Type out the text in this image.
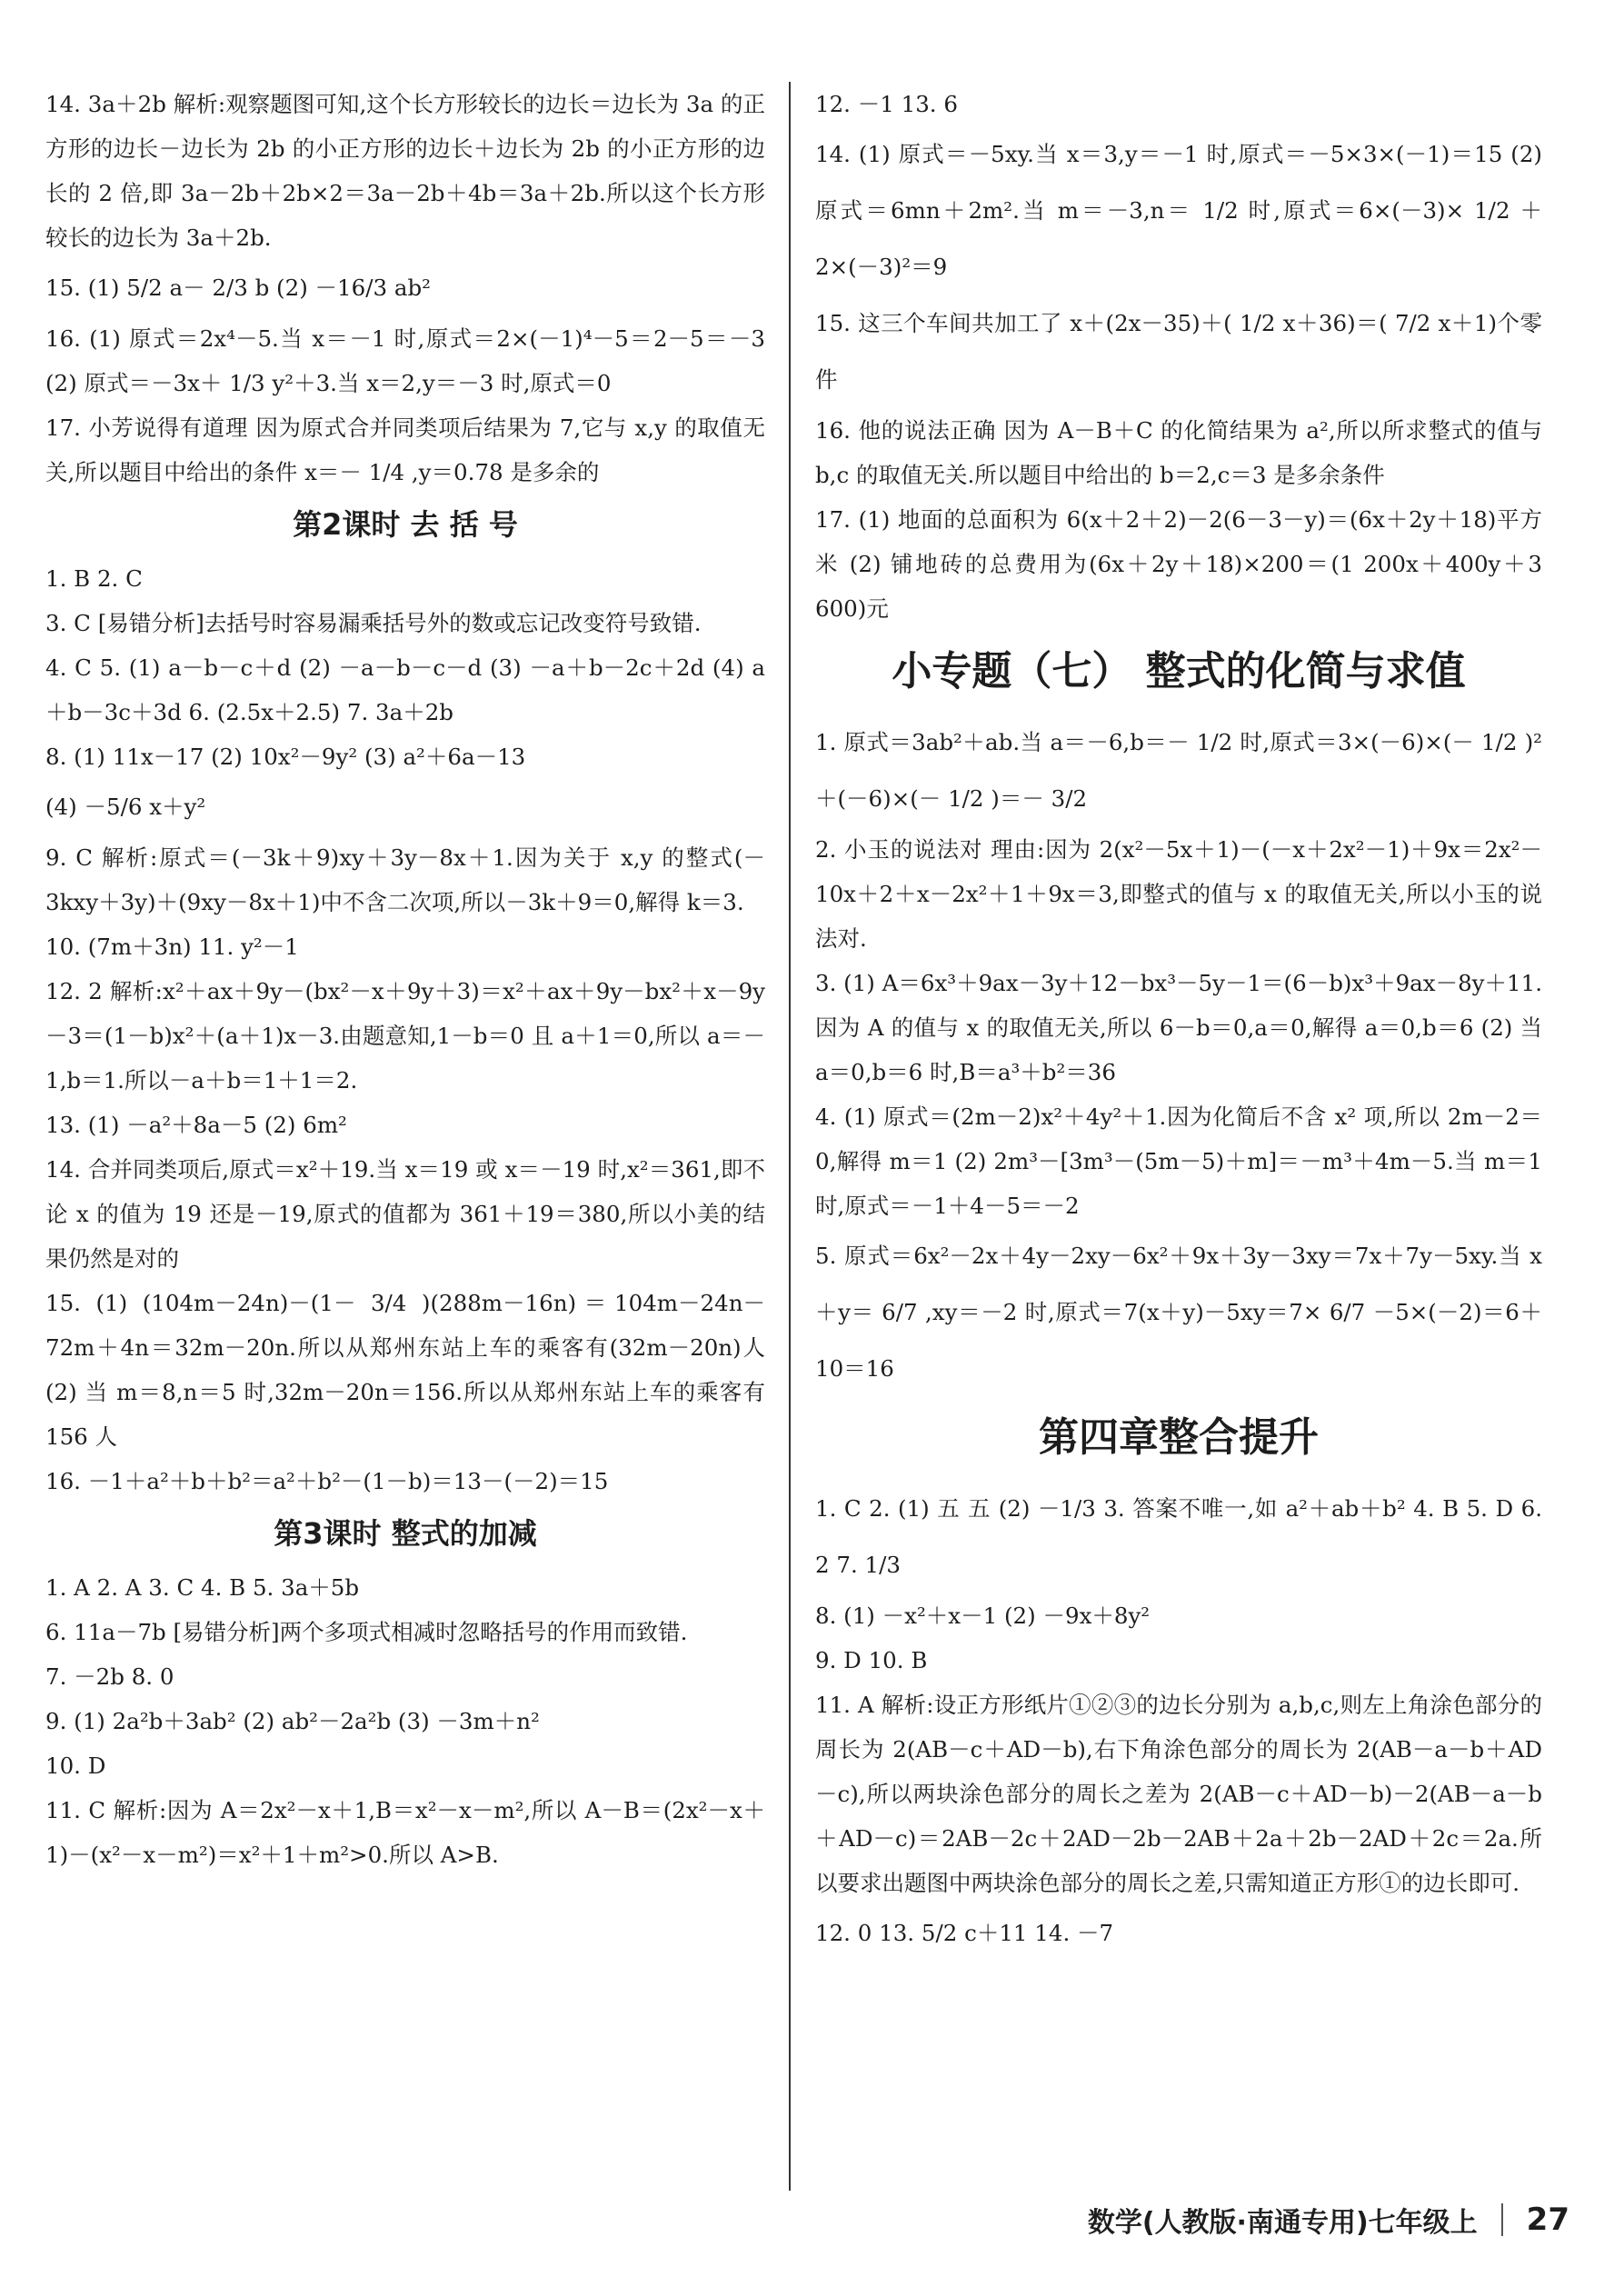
14. 3a＋2b 解析:观察题图可知,这个长方形较长的边长＝边长为 3a 的正方形的边长－边长为 2b 的小正方形的边长＋边长为 2b 的小正方形的边长的 2 倍,即 3a－2b＋2b×2＝3a－2b＋4b＝3a＋2b.所以这个长方形较长的边长为 3a＋2b.

15. (1) 5/2 a－ 2/3 b (2) －16/3 ab²

16. (1) 原式＝2x⁴－5.当 x＝－1 时,原式＝2×(－1)⁴－5＝2－5＝－3 (2) 原式＝－3x＋ 1/3 y²＋3.当 x＝2,y＝－3 时,原式＝0

17. 小芳说得有道理 因为原式合并同类项后结果为 7,它与 x,y 的取值无关,所以题目中给出的条件 x＝－ 1/4 ,y＝0.78 是多余的

第2课时 去 括 号

1. B 2. C

3. C [易错分析]去括号时容易漏乘括号外的数或忘记改变符号致错.

4. C 5. (1) a－b－c＋d (2) －a－b－c－d (3) －a＋b－2c＋2d (4) a＋b－3c＋3d 6. (2.5x＋2.5) 7. 3a＋2b

8. (1) 11x－17 (2) 10x²－9y² (3) a²＋6a－13

(4) －5/6 x＋y²

9. C 解析:原式＝(－3k＋9)xy＋3y－8x＋1.因为关于 x,y 的整式(－3kxy＋3y)＋(9xy－8x＋1)中不含二次项,所以－3k＋9＝0,解得 k＝3.

10. (7m＋3n) 11. y²－1

12. 2 解析:x²＋ax＋9y－(bx²－x＋9y＋3)＝x²＋ax＋9y－bx²＋x－9y－3＝(1－b)x²＋(a＋1)x－3.由题意知,1－b＝0 且 a＋1＝0,所以 a＝－1,b＝1.所以－a＋b＝1＋1＝2.

13. (1) －a²＋8a－5 (2) 6m²

14. 合并同类项后,原式＝x²＋19.当 x＝19 或 x＝－19 时,x²＝361,即不论 x 的值为 19 还是－19,原式的值都为 361＋19＝380,所以小美的结果仍然是对的

15. (1) (104m－24n)－(1－ 3/4 )(288m－16n)＝104m－24n－72m＋4n＝32m－20n.所以从郑州东站上车的乘客有(32m－20n)人 (2) 当 m＝8,n＝5 时,32m－20n＝156.所以从郑州东站上车的乘客有 156 人

16. －1＋a²＋b＋b²＝a²＋b²－(1－b)＝13－(－2)＝15

第3课时 整式的加减

1. A 2. A 3. C 4. B 5. 3a＋5b

6. 11a－7b [易错分析]两个多项式相减时忽略括号的作用而致错.

7. －2b 8. 0

9. (1) 2a²b＋3ab² (2) ab²－2a²b (3) －3m＋n²

10. D

11. C 解析:因为 A＝2x²－x＋1,B＝x²－x－m²,所以 A－B＝(2x²－x＋1)－(x²－x－m²)＝x²＋1＋m²>0.所以 A>B.

12. －1 13. 6

14. (1) 原式＝－5xy.当 x＝3,y＝－1 时,原式＝－5×3×(－1)＝15 (2) 原式＝6mn＋2m².当 m＝－3,n＝ 1/2 时,原式＝6×(－3)× 1/2 ＋2×(－3)²＝9

15. 这三个车间共加工了 x＋(2x－35)＋( 1/2 x＋36)＝( 7/2 x＋1)个零件

16. 他的说法正确 因为 A－B＋C 的化简结果为 a²,所以所求整式的值与 b,c 的取值无关.所以题目中给出的 b＝2,c＝3 是多余条件

17. (1) 地面的总面积为 6(x＋2＋2)－2(6－3－y)＝(6x＋2y＋18)平方米 (2) 铺地砖的总费用为(6x＋2y＋18)×200＝(1 200x＋400y＋3 600)元

小专题（七） 整式的化简与求值

1. 原式＝3ab²＋ab.当 a＝－6,b＝－ 1/2 时,原式＝3×(－6)×(－ 1/2 )²＋(－6)×(－ 1/2 )＝－ 3/2

2. 小玉的说法对 理由:因为 2(x²－5x＋1)－(－x＋2x²－1)＋9x＝2x²－10x＋2＋x－2x²＋1＋9x＝3,即整式的值与 x 的取值无关,所以小玉的说法对.

3. (1) A＝6x³＋9ax－3y＋12－bx³－5y－1＝(6－b)x³＋9ax－8y＋11.因为 A 的值与 x 的取值无关,所以 6－b＝0,a＝0,解得 a＝0,b＝6 (2) 当 a＝0,b＝6 时,B＝a³＋b²＝36

4. (1) 原式＝(2m－2)x²＋4y²＋1.因为化简后不含 x² 项,所以 2m－2＝0,解得 m＝1 (2) 2m³－[3m³－(5m－5)＋m]＝－m³＋4m－5.当 m＝1 时,原式＝－1＋4－5＝－2

5. 原式＝6x²－2x＋4y－2xy－6x²＋9x＋3y－3xy＝7x＋7y－5xy.当 x＋y＝ 6/7 ,xy＝－2 时,原式＝7(x＋y)－5xy＝7× 6/7 －5×(－2)＝6＋10＝16

第四章整合提升

1. C 2. (1) 五 五 (2) －1/3 3. 答案不唯一,如 a²＋ab＋b² 4. B 5. D 6. 2 7. 1/3

8. (1) －x²＋x－1 (2) －9x＋8y²

9. D 10. B

11. A 解析:设正方形纸片①②③的边长分别为 a,b,c,则左上角涂色部分的周长为 2(AB－c＋AD－b),右下角涂色部分的周长为 2(AB－a－b＋AD－c),所以两块涂色部分的周长之差为 2(AB－c＋AD－b)－2(AB－a－b＋AD－c)＝2AB－2c＋2AD－2b－2AB＋2a＋2b－2AD＋2c＝2a.所以要求出题图中两块涂色部分的周长之差,只需知道正方形①的边长即可.

12. 0 13. 5/2 c＋11 14. －7

数学(人教版·南通专用)七年级上 27
